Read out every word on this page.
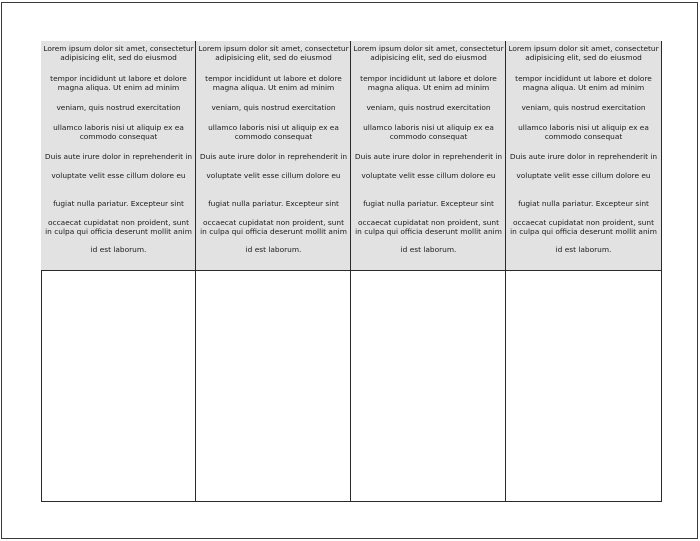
Lorem ipsum dolor sit amet, consectetur
adipisicing elit, sed do eiusmod

tempor incididunt ut labore et dolore
magna aliqua. Ut enim ad minim

veniam, quis nostrud exercitation

ullamco laboris nisi ut aliquip ex ea
commodo consequat

Duis aute irure dolor in reprehenderit in

voluptate velit esse cillum dolore eu

fugiat nulla pariatur. Excepteur sint

occaecat cupidatat non proident, sunt
in culpa qui officia deserunt mollit anim

id est laborum.

Lorem ipsum dolor sit amet, consectetur
adipisicing elit, sed do eiusmod

tempor incididunt ut labore et dolore
magna aliqua. Ut enim ad minim

veniam, quis nostrud exercitation

ullamco laboris nisi ut aliquip ex ea
commodo consequat

Duis aute irure dolor in reprehenderit in

voluptate velit esse cillum dolore eu

fugiat nulla pariatur. Excepteur sint

occaecat cupidatat non proident, sunt
in culpa qui officia deserunt mollit anim

id est laborum.

Lorem ipsum dolor sit amet, consectetur
adipisicing elit, sed do eiusmod

tempor incididunt ut labore et dolore
magna aliqua. Ut enim ad minim

veniam, quis nostrud exercitation

ullamco laboris nisi ut aliquip ex ea
commodo consequat

Duis aute irure dolor in reprehenderit in

voluptate velit esse cillum dolore eu

fugiat nulla pariatur. Excepteur sint

occaecat cupidatat non proident, sunt
in culpa qui officia deserunt mollit anim

id est laborum.

Lorem ipsum dolor sit amet, consectetur
adipisicing elit, sed do eiusmod

tempor incididunt ut labore et dolore
magna aliqua. Ut enim ad minim

veniam, quis nostrud exercitation

ullamco laboris nisi ut aliquip ex ea
commodo consequat

Duis aute irure dolor in reprehenderit in

voluptate velit esse cillum dolore eu

fugiat nulla pariatur. Excepteur sint

occaecat cupidatat non proident, sunt
in culpa qui officia deserunt mollit anim

id est laborum.
